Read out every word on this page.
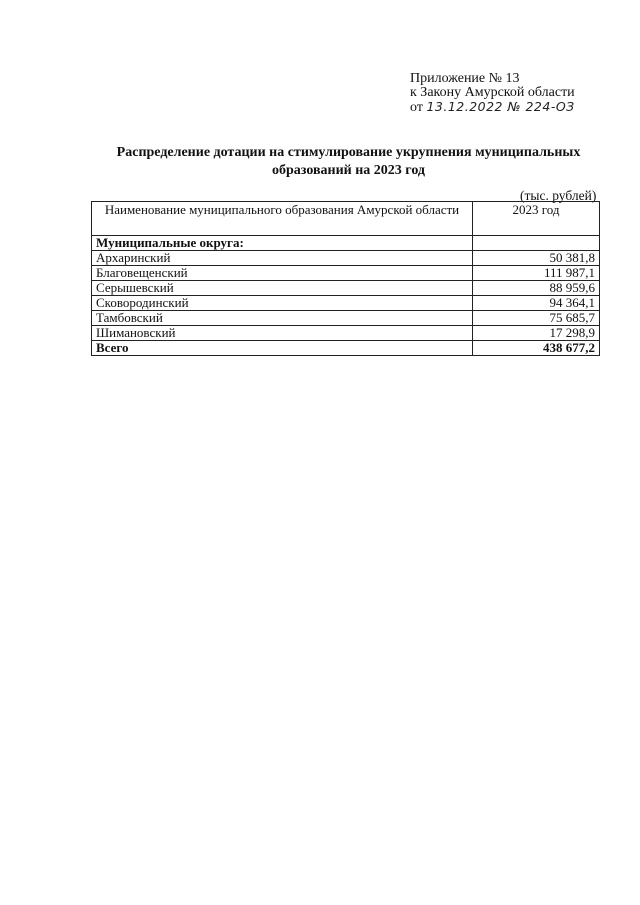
Приложение № 13
к Закону Амурской области
от 13.12.2022 № 224-ОЗ
Распределение дотации на стимулирование укрупнения муниципальных
образований на 2023 год
(тыс. рублей)
Наименование муниципального образования Амурской области	2023 год
Муниципальные округа:	
Архаринский	50 381,8
Благовещенский	111 987,1
Серышевский	88 959,6
Сковородинский	94 364,1
Тамбовский	75 685,7
Шимановский	17 298,9
Всего	438 677,2
